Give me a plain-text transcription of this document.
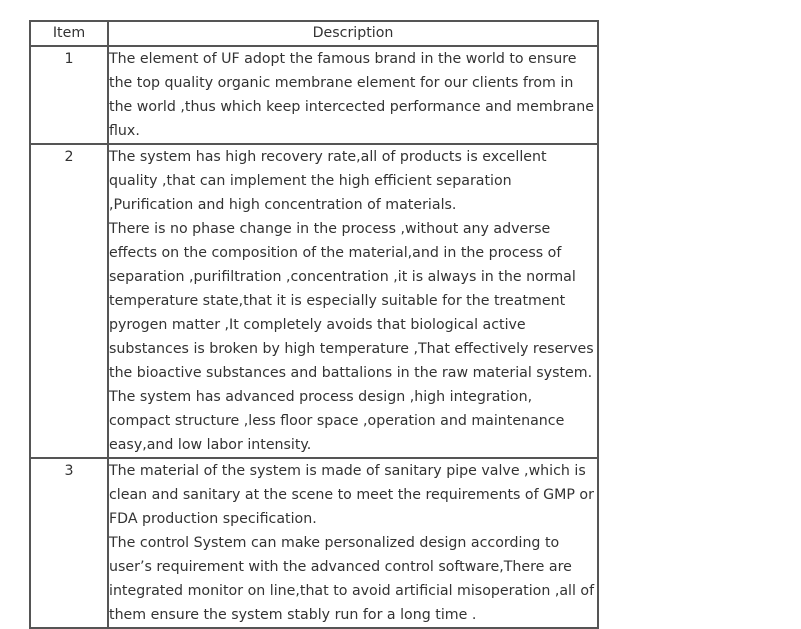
Item	Description
1	The element of UF adopt the famous brand in the world to ensure the top quality organic membrane element for our clients from in the world ,thus which keep intercected performance and membrane flux.

2	The system has high recovery rate,all of products is excellent quality ,that can implement the high efficient separation ,Purification and high concentration of materials.

There is no phase change in the process ,without any adverse effects on the composition of the material,and in the process of separation ,purifiltration ,concentration ,it is always in the normal temperature state,that it is especially suitable for the treatment pyrogen matter ,It completely avoids that biological active substances is broken by high temperature ,That effectively reserves the bioactive substances and battalions in the raw material system.

The system has advanced process design ,high integration, compact structure ,less floor space ,operation and maintenance easy,and low labor intensity.

3	The material of the system is made of sanitary pipe valve ,which is clean and sanitary at the scene to meet the requirements of GMP or FDA production specification.

The control System can make personalized design according to user’s requirement with the advanced control software,There are integrated monitor on line,that to avoid artificial misoperation ,all of them ensure the system stably run for a long time .
